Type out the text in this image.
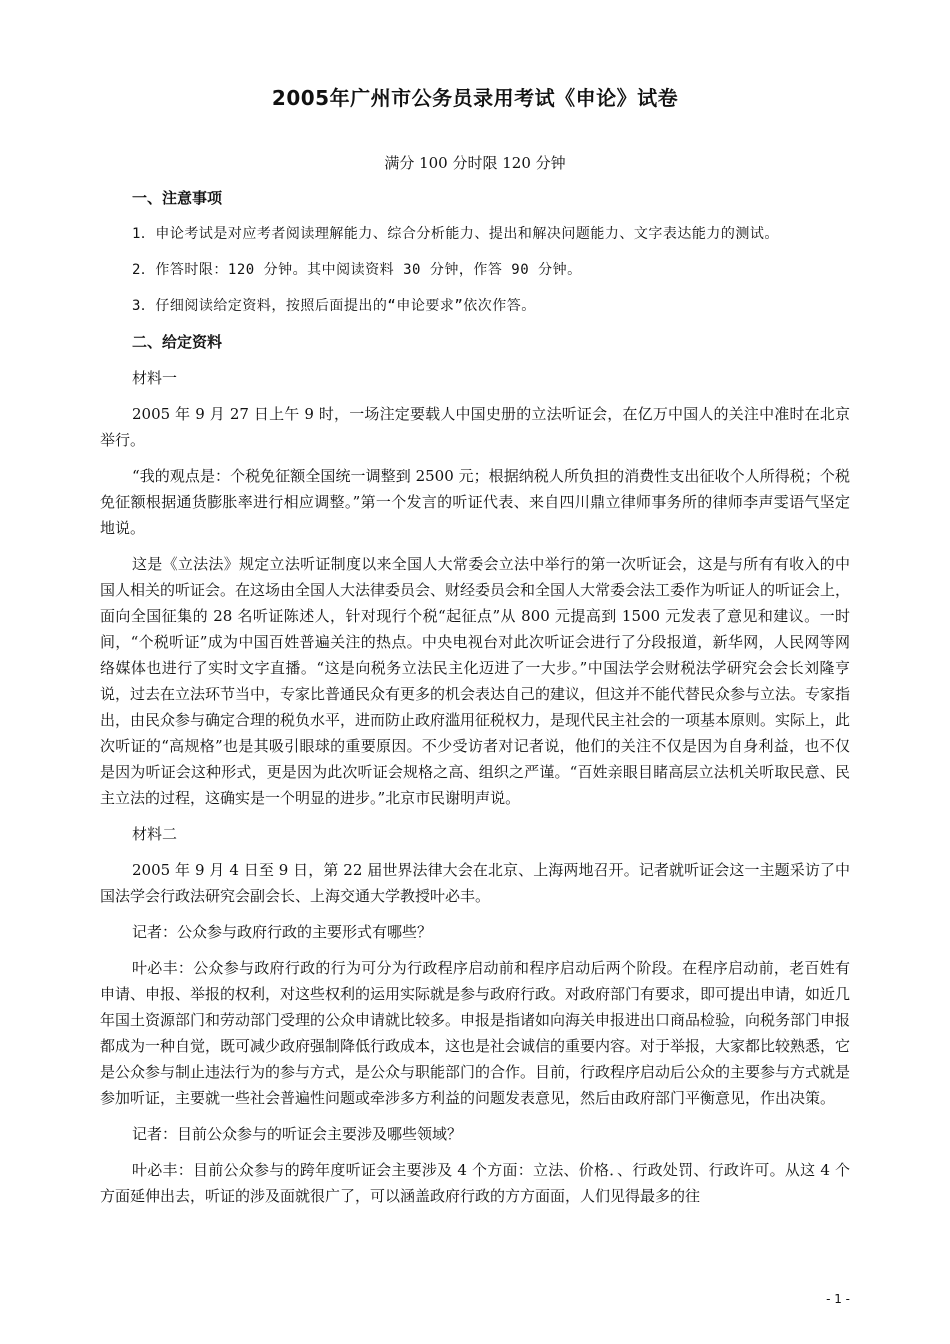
2005年广州市公务员录用考试《申论》试卷
满分 100 分时限 120 分钟

一、注意事项

1．申论考试是对应考者阅读理解能力、综合分析能力、提出和解决问题能力、文字表达能力的测试。

2．作答时限：120 分钟。其中阅读资料 30 分钟，作答 90 分钟。

3．仔细阅读给定资料，按照后面提出的“申论要求”依次作答。

二、给定资料

材料一

2005 年 9 月 27 日上午 9 时，一场注定要载人中国史册的立法听证会，在亿万中国人的关注中准时在北京举行。

“我的观点是：个税免征额全国统一调整到 2500 元；根据纳税人所负担的消费性支出征收个人所得税；个税免征额根据通货膨胀率进行相应调整。”第一个发言的听证代表、来自四川鼎立律师事务所的律师李声雯语气坚定地说。

这是《立法法》规定立法听证制度以来全国人大常委会立法中举行的第一次听证会，这是与所有有收入的中国人相关的听证会。在这场由全国人大法律委员会、财经委员会和全国人大常委会法工委作为听证人的听证会上，面向全国征集的 28 名听证陈述人，针对现行个税“起征点”从 800 元提高到 1500 元发表了意见和建议。一时间，“个税听证”成为中国百姓普遍关注的热点。中央电视台对此次听证会进行了分段报道，新华网，人民网等网络媒体也进行了实时文字直播。“这是向税务立法民主化迈进了一大步。”中国法学会财税法学研究会会长刘隆亨说，过去在立法环节当中，专家比普通民众有更多的机会表达自己的建议，但这并不能代替民众参与立法。专家指出，由民众参与确定合理的税负水平，进而防止政府滥用征税权力，是现代民主社会的一项基本原则。实际上，此次听证的“高规格”也是其吸引眼球的重要原因。不少受访者对记者说，他们的关注不仅是因为自身利益，也不仅是因为听证会这种形式，更是因为此次听证会规格之高、组织之严谨。“百姓亲眼目睹高层立法机关听取民意、民主立法的过程，这确实是一个明显的进步。”北京市民谢明声说。

材料二

2005 年 9 月 4 日至 9 日，第 22 届世界法律大会在北京、上海两地召开。记者就听证会这一主题采访了中国法学会行政法研究会副会长、上海交通大学教授叶必丰。

记者：公众参与政府行政的主要形式有哪些？

叶必丰：公众参与政府行政的行为可分为行政程序启动前和程序启动后两个阶段。在程序启动前，老百姓有申请、申报、举报的权利，对这些权利的运用实际就是参与政府行政。对政府部门有要求，即可提出申请，如近几年国土资源部门和劳动部门受理的公众申请就比较多。申报是指诸如向海关申报进出口商品检验，向税务部门申报都成为一种自觉，既可减少政府强制降低行政成本，这也是社会诚信的重要内容。对于举报，大家都比较熟悉，它是公众参与制止违法行为的参与方式，是公众与职能部门的合作。目前，行政程序启动后公众的主要参与方式就是参加听证，主要就一些社会普遍性问题或牵涉多方利益的问题发表意见，然后由政府部门平衡意见，作出决策。

记者：目前公众参与的听证会主要涉及哪些领域？

叶必丰：目前公众参与的跨年度听证会主要涉及 4 个方面：立法、价格．、行政处罚、行政许可。从这 4 个方面延伸出去，听证的涉及面就很广了，可以涵盖政府行政的方方面面，人们见得最多的往

- 1 -
